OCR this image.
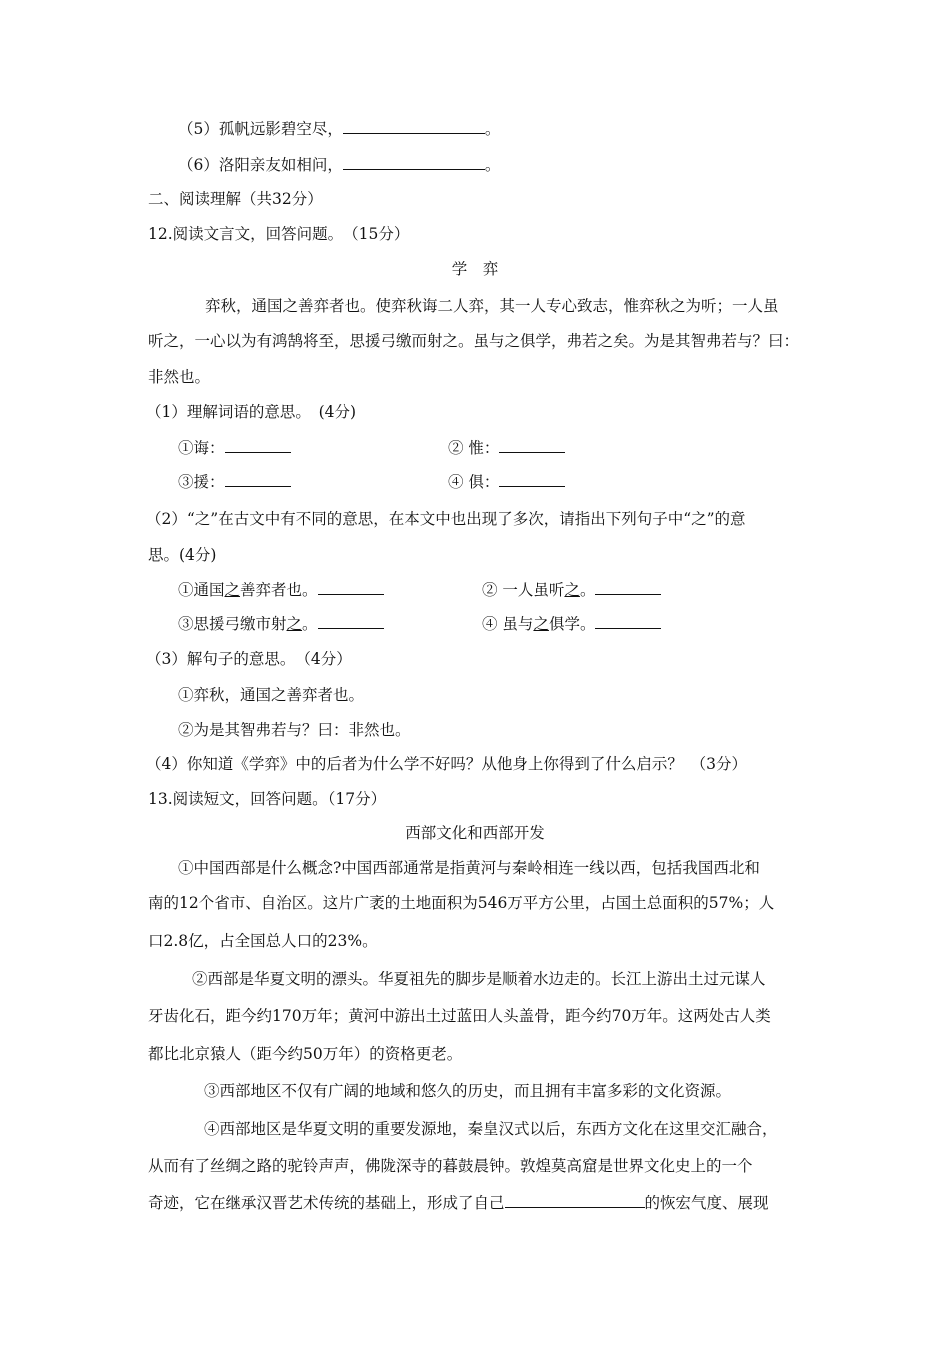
（5）孤帆远影碧空尽，	。
（6）洛阳亲友如相问，	。
二、阅读理解（共32分）
12.阅读文言文，回答问题。　（15分）
学　弈
弈秋，通国之善弈者也。使弈秋诲二人弈，其一人专心致志，惟弈秋之为听；一人虽
听之，一心以为有鸿鹄将至，思援弓缴而射之。虽与之俱学，弗若之矣。为是其智弗若与？曰：
非然也。
（1）理解词语的意思。　(4分)
①诲：	② 惟：
③援：	④ 俱：
（2）“之”在古文中有不同的意思，在本文中也出现了多次，请指出下列句子中“之”的意
思。(4分)
①通国之善弈者也。	② 一人虽听之。
③思援弓缴市射之。	④ 虽与之俱学。
（3）解句子的意思。　（4分）
①弈秋，通国之善弈者也。
②为是其智弗若与？曰：非然也。
（4）你知道《学弈》中的后者为什么学不好吗？从他身上你得到了什么启示？　（3分）
13.阅读短文，回答问题。（17分）
西部文化和西部开发
①中国西部是什么概念?中国西部通常是指黄河与秦岭相连一线以西，包括我国西北和
南的12个省市、自治区。这片广袤的土地面积为546万平方公里，占国土总面积的57%；人
口2.8亿，占全国总人口的23%。
②西部是华夏文明的漂头。华夏祖先的脚步是顺着水边走的。长江上游出土过元谋人
牙齿化石，距今约170万年；黄河中游出土过蓝田人头盖骨，距今约70万年。这两处古人类
都比北京猿人（距今约50万年）的资格更老。
③西部地区不仅有广阔的地域和悠久的历史，而且拥有丰富多彩的文化资源。
④西部地区是华夏文明的重要发源地，秦皇汉式以后，东西方文化在这里交汇融合，
从而有了丝绸之路的驼铃声声，佛陇深寺的暮鼓晨钟。敦煌莫高窟是世界文化史上的一个
奇迹，它在继承汉晋艺术传统的基础上，形成了自己	的恢宏气度、展现
